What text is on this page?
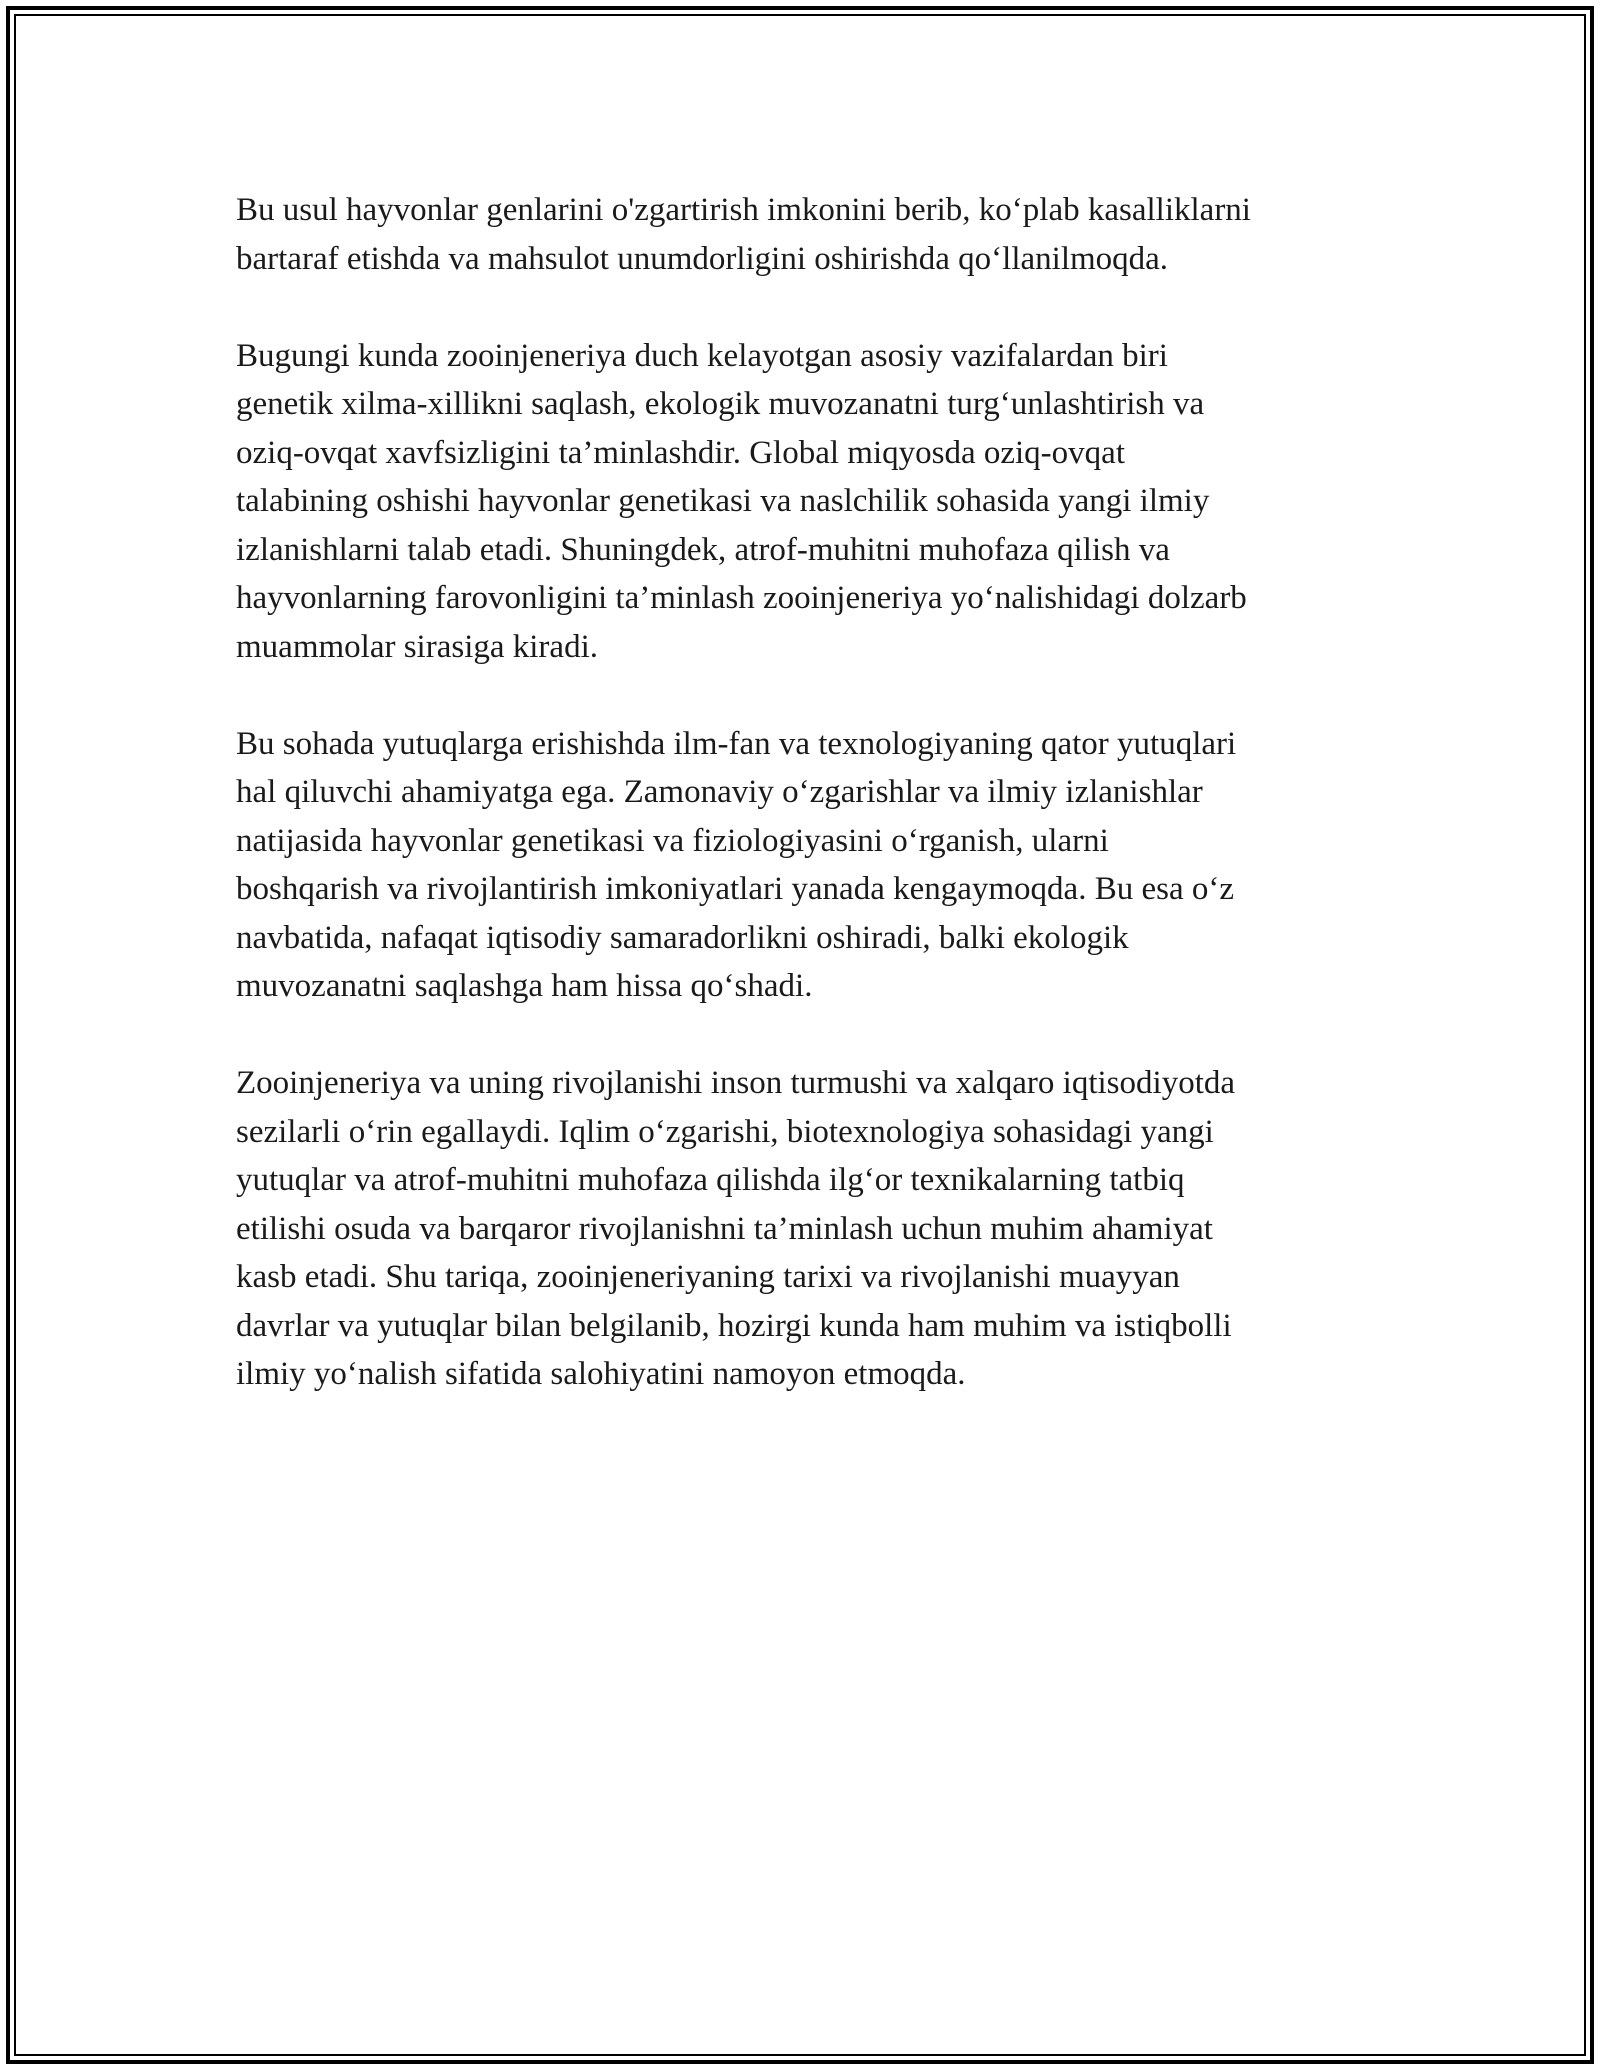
Bu usul hayvonlar genlarini o'zgartirish imkonini berib, ko‘plab kasalliklarni
bartaraf etishda va mahsulot unumdorligini oshirishda qo‘llanilmoqda.

Bugungi kunda zooinjeneriya duch kelayotgan asosiy vazifalardan biri
genetik xilma-xillikni saqlash, ekologik muvozanatni turg‘unlashtirish va
oziq-ovqat xavfsizligini ta’minlashdir. Global miqyosda oziq-ovqat
talabining oshishi hayvonlar genetikasi va naslchilik sohasida yangi ilmiy
izlanishlarni talab etadi. Shuningdek, atrof-muhitni muhofaza qilish va
hayvonlarning farovonligini ta’minlash zooinjeneriya yo‘nalishidagi dolzarb
muammolar sirasiga kiradi.

Bu sohada yutuqlarga erishishda ilm-fan va texnologiyaning qator yutuqlari
hal qiluvchi ahamiyatga ega. Zamonaviy o‘zgarishlar va ilmiy izlanishlar
natijasida hayvonlar genetikasi va fiziologiyasini o‘rganish, ularni
boshqarish va rivojlantirish imkoniyatlari yanada kengaymoqda. Bu esa o‘z
navbatida, nafaqat iqtisodiy samaradorlikni oshiradi, balki ekologik
muvozanatni saqlashga ham hissa qo‘shadi.

Zooinjeneriya va uning rivojlanishi inson turmushi va xalqaro iqtisodiyotda
sezilarli o‘rin egallaydi. Iqlim o‘zgarishi, biotexnologiya sohasidagi yangi
yutuqlar va atrof-muhitni muhofaza qilishda ilg‘or texnikalarning tatbiq
etilishi osuda va barqaror rivojlanishni ta’minlash uchun muhim ahamiyat
kasb etadi. Shu tariqa, zooinjeneriyaning tarixi va rivojlanishi muayyan
davrlar va yutuqlar bilan belgilanib, hozirgi kunda ham muhim va istiqbolli
ilmiy yo‘nalish sifatida salohiyatini namoyon etmoqda.
